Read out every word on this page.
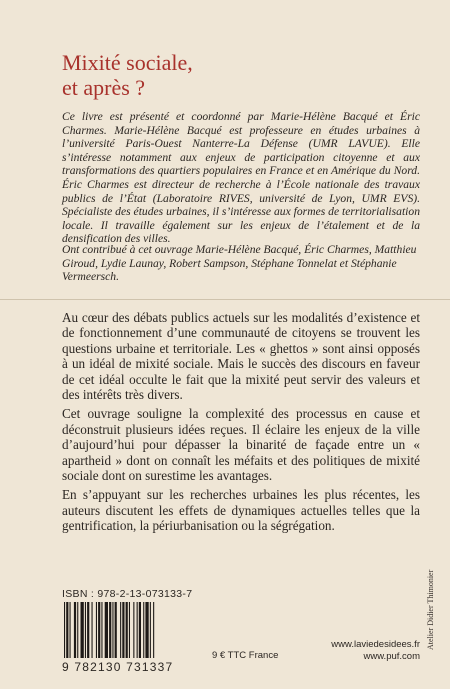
Mixité sociale,
et après ?

Ce livre est présenté et coordonné par Marie-Hélène Bacqué et Éric Charmes. Marie-Hélène Bacqué est professeure en études urbaines à l’université Paris-Ouest Nanterre-La Défense (UMR LAVUE). Elle s’intéresse notamment aux enjeux de participation citoyenne et aux transformations des quartiers populaires en France et en Amérique du Nord. Éric Charmes est directeur de recherche à l’École nationale des travaux publics de l’État (Laboratoire RIVES, université de Lyon, UMR EVS). Spécialiste des études urbaines, il s’intéresse aux formes de territorialisation locale. Il travaille également sur les enjeux de l’étalement et de la densification des villes.

Ont contribué à cet ouvrage Marie-Hélène Bacqué, Éric Charmes, Matthieu Giroud, Lydie Launay, Robert Sampson, Stéphane Tonnelat et Stéphanie Vermeersch.

Au cœur des débats publics actuels sur les modalités d’existence et de fonctionnement d’une communauté de citoyens se trouvent les questions urbaine et territoriale. Les « ghettos » sont ainsi opposés à un idéal de mixité sociale. Mais le succès des discours en faveur de cet idéal occulte le fait que la mixité peut servir des valeurs et des intérêts très divers.

Cet ouvrage souligne la complexité des processus en cause et déconstruit plusieurs idées reçues. Il éclaire les enjeux de la ville d’aujourd’hui pour dépasser la binarité de façade entre un « apartheid » dont on connaît les méfaits et des politiques de mixité sociale dont on surestime les avantages.

En s’appuyant sur les recherches urbaines les plus récentes, les auteurs discutent les effets de dynamiques actuelles telles que la gentrification, la périurbanisation ou la ségrégation.

ISBN : 978-2-13-073133-7
9 782130 731337
9 € TTC France
www.laviedesidees.fr
www.puf.com
Atelier Didier Thimonier
